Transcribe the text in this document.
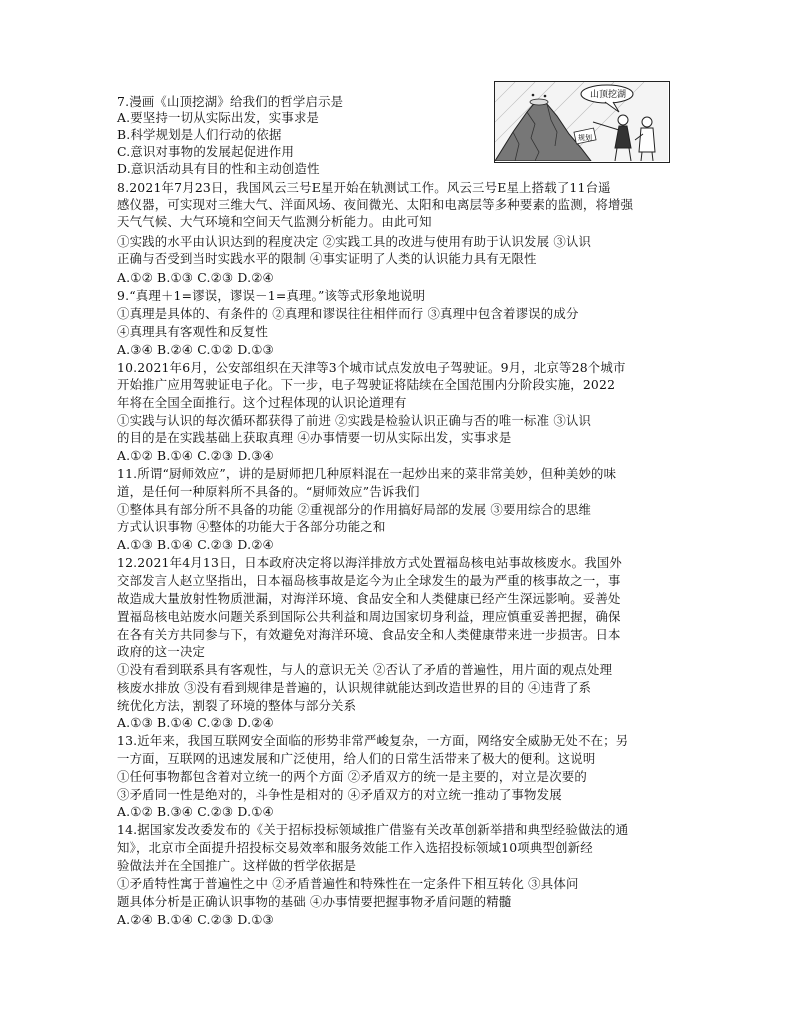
山顶挖湖
规划
7.漫画《山顶挖湖》给我们的哲学启示是
A.要坚持一切从实际出发，实事求是
B.科学规划是人们行动的依据
C.意识对事物的发展起促进作用
D.意识活动具有目的性和主动创造性
8.2021年7月23日，我国风云三号E星开始在轨测试工作。风云三号E星上搭载了11台遥
感仪器，可实现对三维大气、洋面风场、夜间微光、太阳和电离层等多种要素的监测，将增强
天气气候、大气环境和空间天气监测分析能力。由此可知
①实践的水平由认识达到的程度决定 ②实践工具的改进与使用有助于认识发展 ③认识
正确与否受到当时实践水平的限制 ④事实证明了人类的认识能力具有无限性
A.①② B.①③ C.②③ D.②④
9.“真理＋1=谬误，谬误－1=真理。”该等式形象地说明
①真理是具体的、有条件的 ②真理和谬误往往相伴而行 ③真理中包含着谬误的成分
④真理具有客观性和反复性
A.③④ B.②④ C.①② D.①③
10.2021年6月，公安部组织在天津等3个城市试点发放电子驾驶证。9月，北京等28个城市
开始推广应用驾驶证电子化。下一步，电子驾驶证将陆续在全国范围内分阶段实施，2022
年将在全国全面推行。这个过程体现的认识论道理有
①实践与认识的每次循环都获得了前进 ②实践是检验认识正确与否的唯一标准 ③认识
的目的是在实践基础上获取真理 ④办事情要一切从实际出发，实事求是
A.①② B.①④ C.②③ D.③④
11.所谓“厨师效应”，讲的是厨师把几种原料混在一起炒出来的菜非常美妙，但种美妙的味
道，是任何一种原料所不具备的。“厨师效应”告诉我们
①整体具有部分所不具备的功能 ②重视部分的作用搞好局部的发展 ③要用综合的思维
方式认识事物 ④整体的功能大于各部分功能之和
A.①③ B.①④ C.②③ D.②④
12.2021年4月13日，日本政府决定将以海洋排放方式处置福岛核电站事故核废水。我国外
交部发言人赵立坚指出，日本福岛核事故是迄今为止全球发生的最为严重的核事故之一，事
故造成大量放射性物质泄漏，对海洋环境、食品安全和人类健康已经产生深远影响。妥善处
置福岛核电站废水问题关系到国际公共利益和周边国家切身利益，理应慎重妥善把握，确保
在各有关方共同参与下，有效避免对海洋环境、食品安全和人类健康带来进一步损害。日本
政府的这一决定
①没有看到联系具有客观性，与人的意识无关 ②否认了矛盾的普遍性，用片面的观点处理
核废水排放 ③没有看到规律是普遍的，认识规律就能达到改造世界的目的 ④违背了系
统优化方法，割裂了环境的整体与部分关系
A.①③ B.①④ C.②③ D.②④
13.近年来，我国互联网安全面临的形势非常严峻复杂，一方面，网络安全威胁无处不在；另
一方面，互联网的迅速发展和广泛使用，给人们的日常生活带来了极大的便利。这说明
①任何事物都包含着对立统一的两个方面 ②矛盾双方的统一是主要的，对立是次要的
③矛盾同一性是绝对的，斗争性是相对的 ④矛盾双方的对立统一推动了事物发展
A.①② B.③④ C.②③ D.①④
14.据国家发改委发布的《关于招标投标领域推广借鉴有关改革创新举措和典型经验做法的通
知》，北京市全面提升招投标交易效率和服务效能工作入选招投标领域10项典型创新经
验做法并在全国推广。这样做的哲学依据是
①矛盾特性寓于普遍性之中 ②矛盾普遍性和特殊性在一定条件下相互转化 ③具体问
题具体分析是正确认识事物的基础 ④办事情要把握事物矛盾问题的精髓
A.②④ B.①④ C.②③ D.①③
